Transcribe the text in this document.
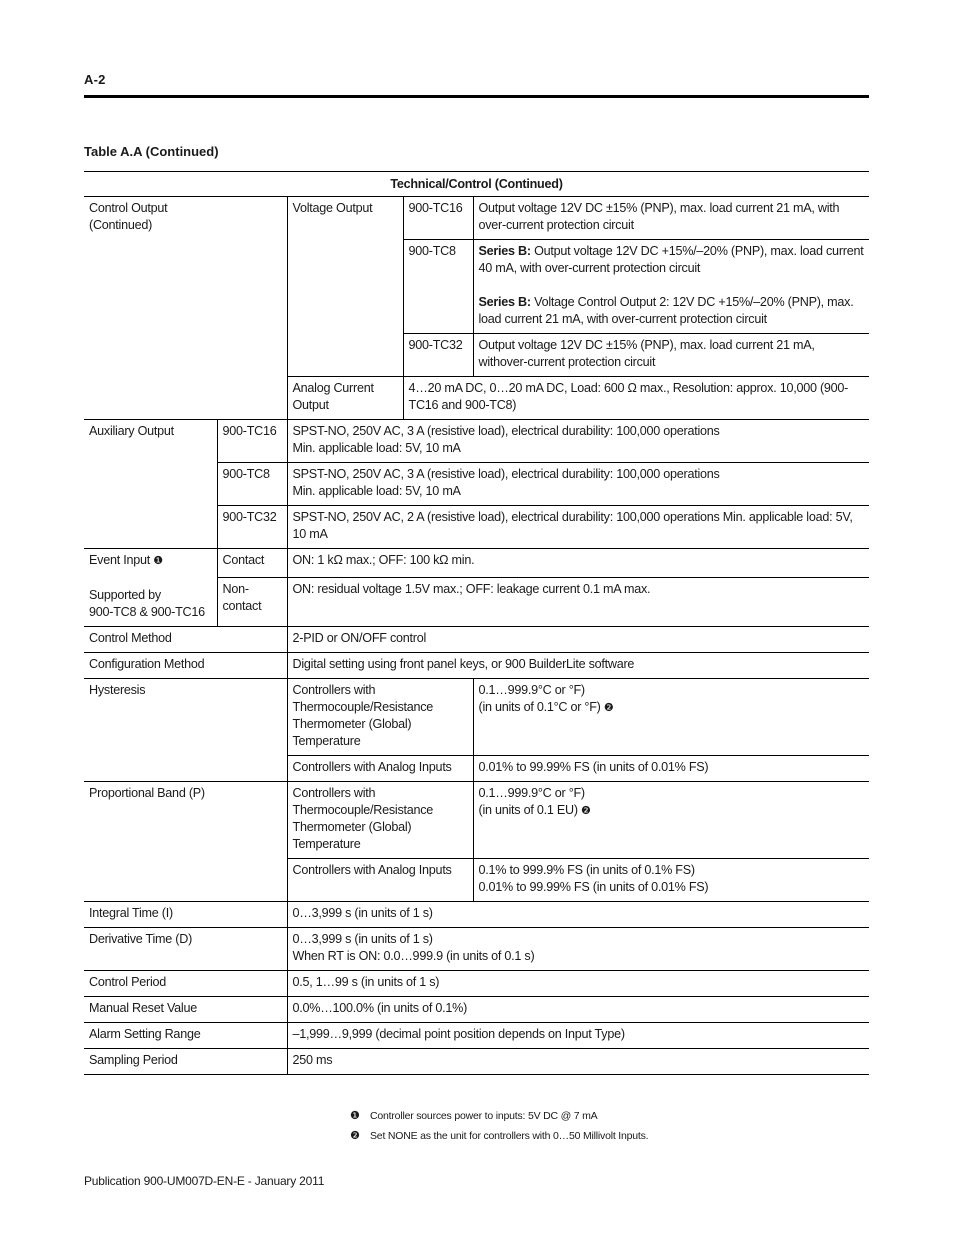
A-2
Table A.A (Continued)
Technical/Control (Continued)				
Control Output
(Continued)		Voltage Output	900-TC16	Output voltage 12V DC ±15% (PNP), max. load current 21 mA, with over-current protection circuit
			900-TC8	Series B: Output voltage 12V DC +15%/–20% (PNP), max. load current 40 mA, with over-current protection circuit
Series B: Voltage Control Output 2: 12V DC +15%/–20% (PNP), max. load current 21 mA, with over-current protection circuit
			900-TC32	Output voltage 12V DC ±15% (PNP), max. load current 21 mA, withover-current protection circuit
		Analog Current Output	4…20 mA DC, 0…20 mA DC, Load: 600 Ω max., Resolution: approx. 10,000 (900-TC16 and 900-TC8)	
Auxiliary Output	900-TC16	SPST-NO, 250V AC, 3 A (resistive load), electrical durability: 100,000 operations
Min. applicable load: 5V, 10 mA		
	900-TC8	SPST-NO, 250V AC, 3 A (resistive load), electrical durability: 100,000 operations
Min. applicable load: 5V, 10 mA		
	900-TC32	SPST-NO, 250V AC, 2 A (resistive load), electrical durability: 100,000 operations Min. applicable load: 5V, 10 mA		
Event Input ❶
Supported by
900-TC8 & 900-TC16	Contact	ON: 1 kΩ max.; OFF: 100 kΩ min.		
	Non-contact	ON: residual voltage 1.5V max.; OFF: leakage current 0.1 mA max.		
Control Method		2-PID or ON/OFF control		
Configuration Method		Digital setting using front panel keys, or 900 BuilderLite software		
Hysteresis		Controllers with Thermocouple/Resistance Thermometer (Global) Temperature		0.1…999.9°C or °F)
(in units of 0.1°C or °F) ❷
		Controllers with Analog Inputs		0.01% to 99.99% FS (in units of 0.01% FS)
Proportional Band (P)		Controllers with Thermocouple/Resistance Thermometer (Global) Temperature		0.1…999.9°C or °F)
(in units of 0.1 EU) ❷
		Controllers with Analog Inputs		0.1% to 999.9% FS (in units of 0.1% FS)
0.01% to 99.99% FS (in units of 0.01% FS)
Integral Time (I)		0…3,999 s (in units of 1 s)		
Derivative Time (D)		0…3,999 s (in units of 1 s)
When RT is ON: 0.0…999.9 (in units of 0.1 s)		
Control Period		0.5, 1…99 s (in units of 1 s)		
Manual Reset Value		0.0%…100.0% (in units of 0.1%)		
Alarm Setting Range		–1,999…9,999 (decimal point position depends on Input Type)		
Sampling Period		250 ms		
❶ Controller sources power to inputs: 5V DC @ 7 mA
❷ Set NONE as the unit for controllers with 0…50 Millivolt Inputs.
Publication 900-UM007D-EN-E - January 2011
